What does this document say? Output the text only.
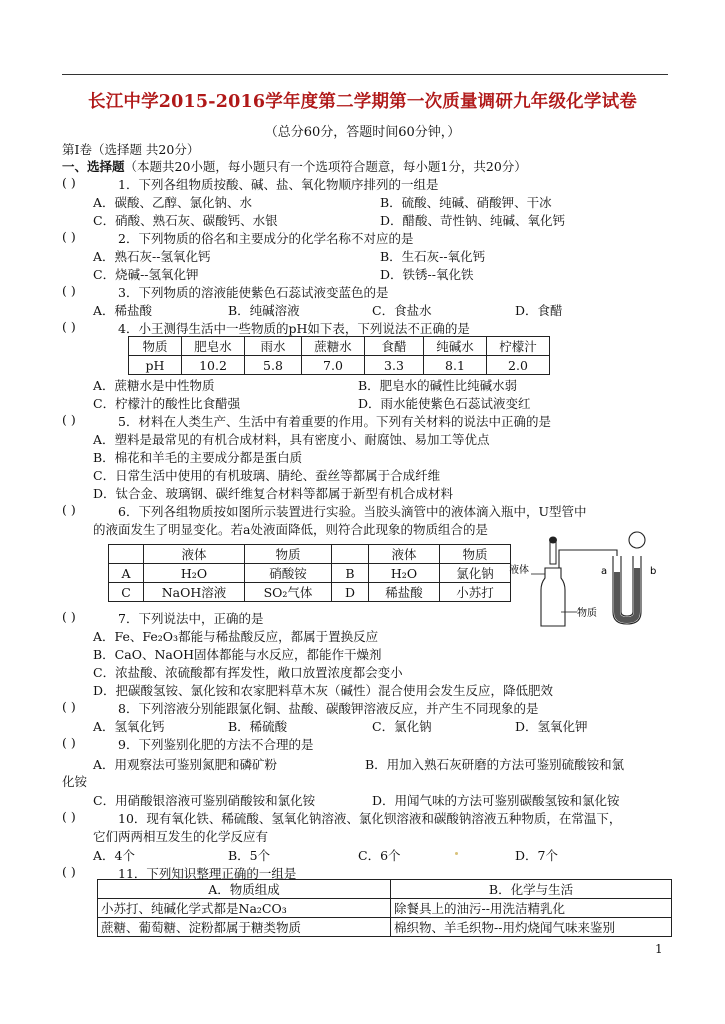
长江中学2015-2016学年度第二学期第一次质量调研九年级化学试卷
（总分60分，答题时间60分钟，）
第Ⅰ卷（选择题 共20分）
一、选择题（本题共20小题，每小题只有一个选项符合题意，每小题1分，共20分）
( )	1．下列各组物质按酸、碱、盐、氧化物顺序排列的一组是
A．碳酸、乙醇、氯化钠、水	B．硫酸、纯碱、硝酸钾、干冰
C．硝酸、熟石灰、碳酸钙、水银	D．醋酸、苛性钠、纯碱、氧化钙
( )	2．下列物质的俗名和主要成分的化学名称不对应的是
A．熟石灰--氢氧化钙	B．生石灰--氧化钙
C．烧碱--氢氧化钾	D．铁锈--氧化铁
( )	3．下列物质的溶液能使紫色石蕊试液变蓝色的是
A．稀盐酸	B．纯碱溶液	C．食盐水	D．食醋
( )	4．小王测得生活中一些物质的pH如下表，下列说法不正确的是
物质	肥皂水	雨水	蔗糖水	食醋	纯碱水	柠檬汁
pH	10.2	5.8	7.0	3.3	8.1	2.0
A．蔗糖水是中性物质	B．肥皂水的碱性比纯碱水弱
C．柠檬汁的酸性比食醋强	D．雨水能使紫色石蕊试液变红
( )	5．材料在人类生产、生活中有着重要的作用。下列有关材料的说法中正确的是
A．塑料是最常见的有机合成材料，具有密度小、耐腐蚀、易加工等优点
B．棉花和羊毛的主要成分都是蛋白质
C．日常生活中使用的有机玻璃、腈纶、蚕丝等都属于合成纤维
D．钛合金、玻璃钢、碳纤维复合材料等都属于新型有机合成材料
( )	6．下列各组物质按如图所示装置进行实验。当胶头滴管中的液体滴入瓶中，U型管中
的液面发生了明显变化。若a处液面降低，则符合此现象的物质组合的是
	液体	物质		液体	物质
A	H₂O	硝酸铵	B	H₂O	氯化钠
C	NaOH溶液	SO₂气体	D	稀盐酸	小苏打
液体
物质
a	b
( )	7．下列说法中，正确的是
A．Fe、Fe₂O₃都能与稀盐酸反应，都属于置换反应
B．CaO、NaOH固体都能与水反应，都能作干燥剂
C．浓盐酸、浓硫酸都有挥发性，敞口放置浓度都会变小
D．把碳酸氢铵、氯化铵和农家肥料草木灰（碱性）混合使用会发生反应，降低肥效
( )	8．下列溶液分别能跟氯化铜、盐酸、碳酸钾溶液反应，并产生不同现象的是
A．氢氧化钙	B．稀硫酸	C．氯化钠	D．氢氧化钾
( )	9．下列鉴别化肥的方法不合理的是
A．用观察法可鉴别氮肥和磷矿粉	B．用加入熟石灰研磨的方法可鉴别硫酸铵和氯
化铵
C．用硝酸银溶液可鉴别硝酸铵和氯化铵	D．用闻气味的方法可鉴别碳酸氢铵和氯化铵
( )	10．现有氧化铁、稀硫酸、氢氧化钠溶液、氯化钡溶液和碳酸钠溶液五种物质，在常温下，
它们两两相互发生的化学反应有
A．4个	B．5个	C．6个	D．7个
( )	11．下列知识整理正确的一组是
A．物质组成	B．化学与生活
小苏打、纯碱化学式都是Na₂CO₃	除餐具上的油污--用洗洁精乳化
蔗糖、葡萄糖、淀粉都属于糖类物质	棉织物、羊毛织物--用灼烧闻气味来鉴别
1
